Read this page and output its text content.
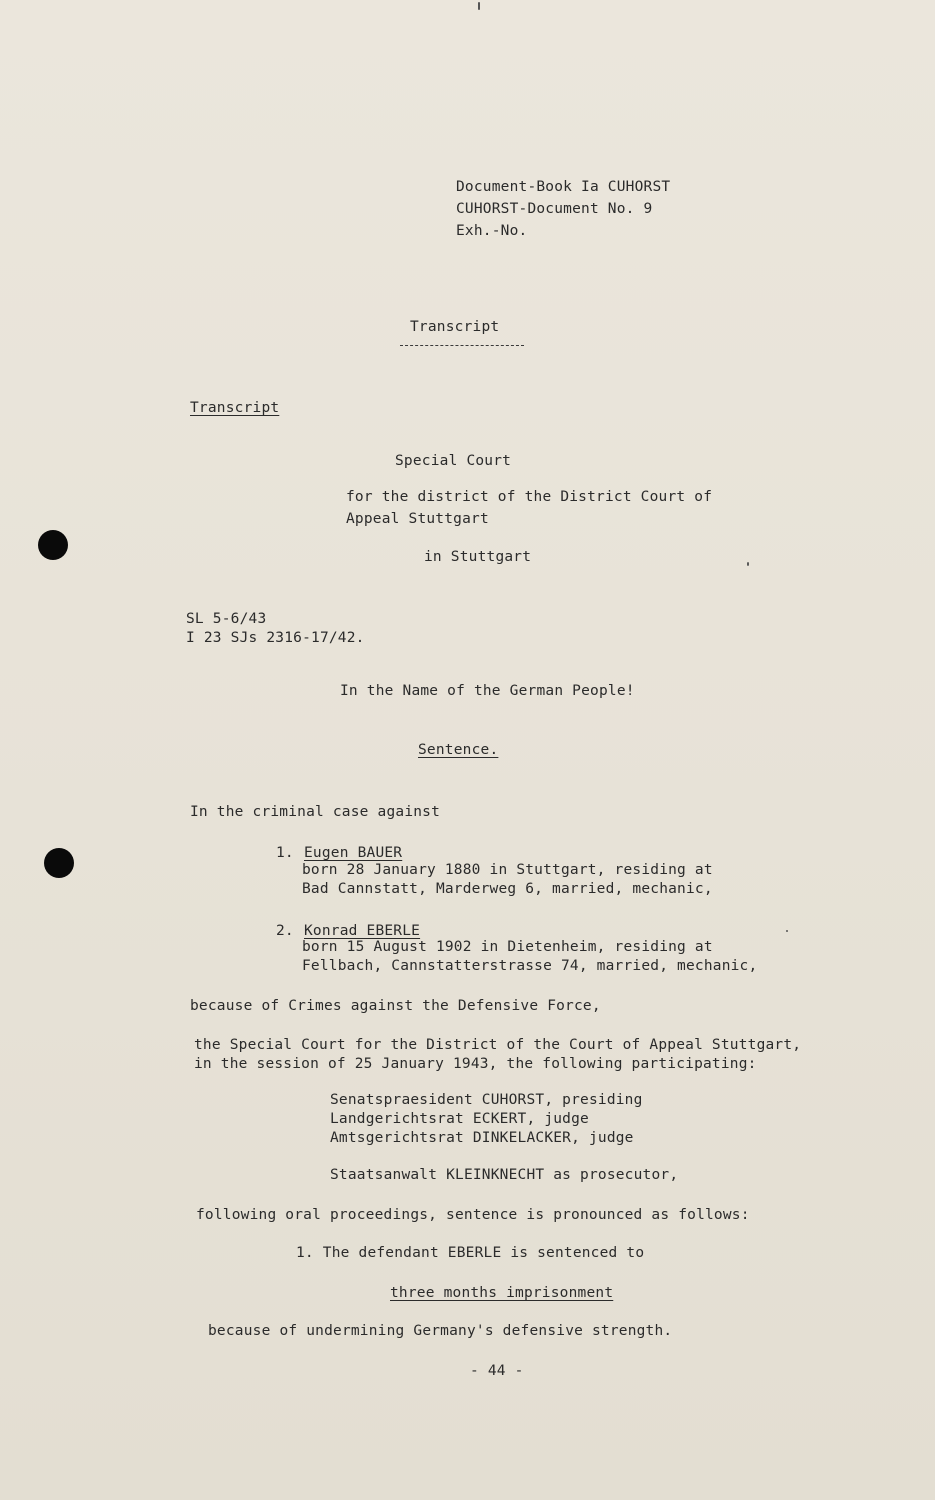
Document-Book Ia CUHORST
CUHORST-Document No. 9
Exh.-No.
Transcript
Transcript
Special Court
for the district of the District Court of
Appeal Stuttgart
in Stuttgart
SL 5-6/43
I 23 SJs 2316-17/42.
In the Name of the German People!
Sentence.
In the criminal case against
1. Eugen BAUER
born 28 January 1880 in Stuttgart, residing at
Bad Cannstatt, Marderweg 6, married, mechanic,
2. Konrad EBERLE
born 15 August 1902 in Dietenheim, residing at
Fellbach, Cannstatterstrasse 74, married, mechanic,
because of Crimes against the Defensive Force,
the Special Court for the District of the Court of Appeal Stuttgart,
in the session of 25 January 1943, the following participating:
Senatspraesident CUHORST, presiding
Landgerichtsrat ECKERT, judge
Amtsgerichtsrat DINKELACKER, judge
Staatsanwalt KLEINKNECHT as prosecutor,
following oral proceedings, sentence is pronounced as follows:
1. The defendant EBERLE is sentenced to
three months imprisonment
because of undermining Germany's defensive strength.
- 44 -
